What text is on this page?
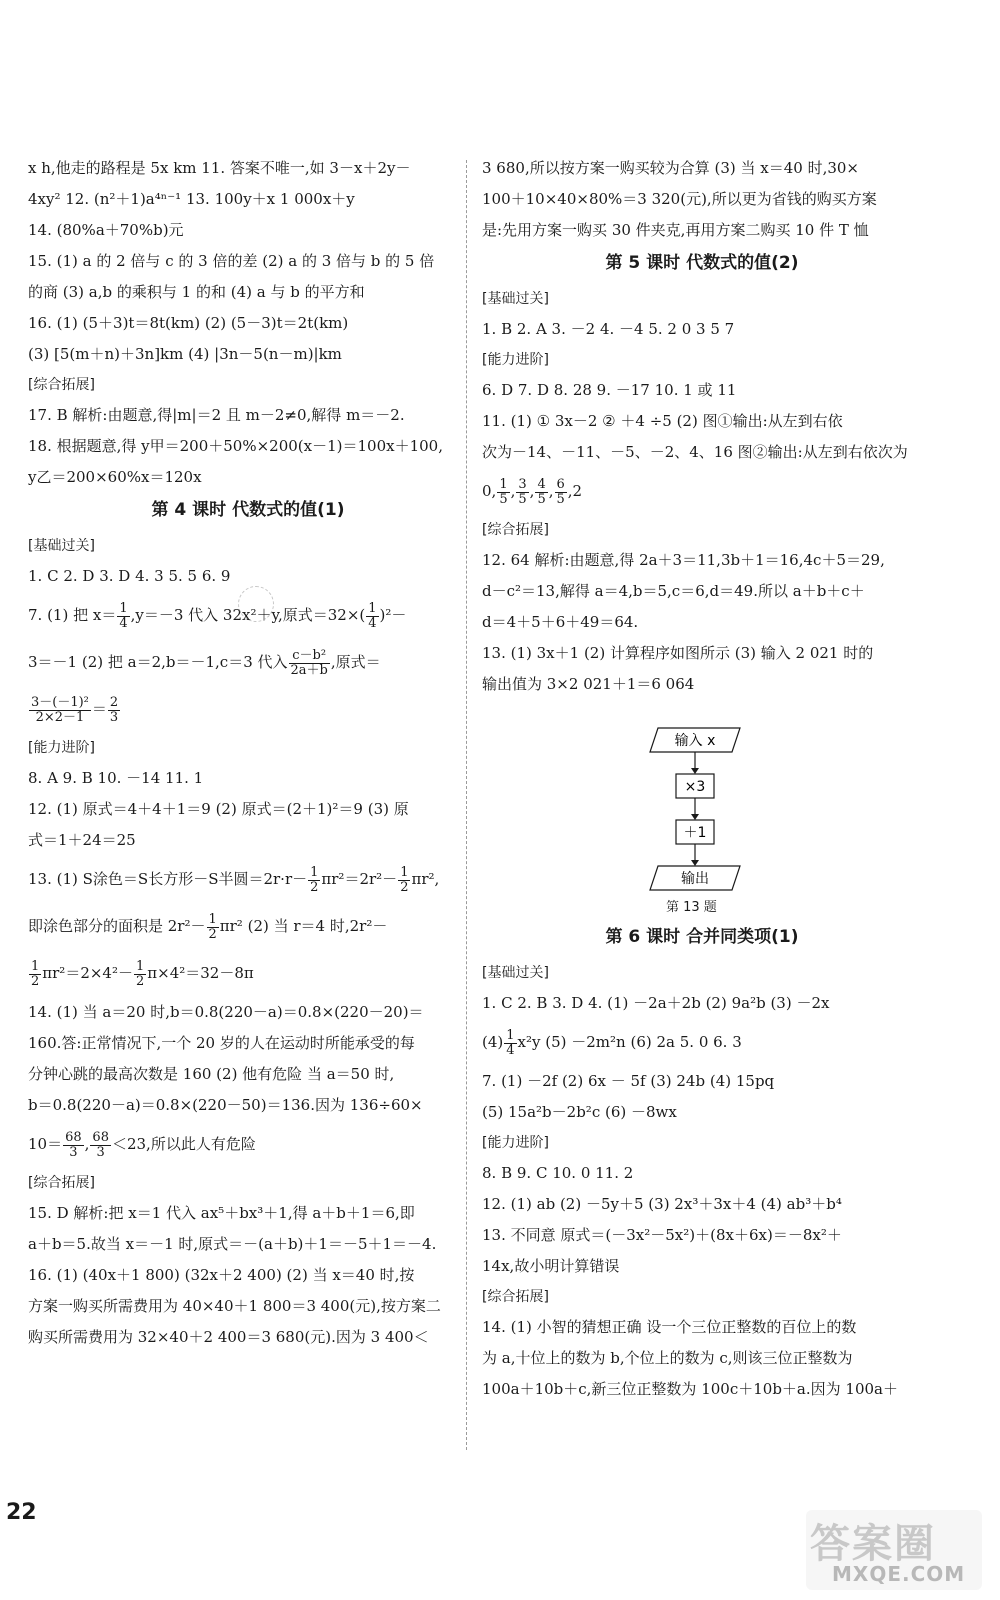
x h,他走的路程是 5x km 11. 答案不唯一,如 3－x＋2y－
4xy² 12. (n²＋1)a⁴ⁿ⁻¹ 13. 100y＋x 1 000x＋y
14. (80%a＋70%b)元
15. (1) a 的 2 倍与 c 的 3 倍的差 (2) a 的 3 倍与 b 的 5 倍
的商 (3) a,b 的乘积与 1 的和 (4) a 与 b 的平方和
16. (1) (5＋3)t＝8t(km) (2) (5－3)t＝2t(km)
(3) [5(m＋n)＋3n]km (4) |3n－5(n－m)|km
[综合拓展]
17. B 解析:由题意,得|m|＝2 且 m－2≠0,解得 m＝－2.
18. 根据题意,得 y甲＝200＋50%×200(x－1)＝100x＋100,
y乙＝200×60%x＝120x
第 4 课时 代数式的值(1)
[基础过关]
1. C 2. D 3. D 4. 3 5. 5 6. 9
7. (1) 把 $x= \frac{1}{4} ,y=-3$ 代入 32x²＋y,原式$=32\times( \frac{1}{4} )^2-$
3＝－1 (2) 把 a＝2,b＝－1,c＝3 代入 $\frac{\text{c－b²}}{2a+b}$ ,原式＝
$\frac{\text{3－(－1)²}}{2\times 2-1} = \frac{2}{3}$
[能力进阶]
8. A 9. B 10. －14 11. 1
12. (1) 原式＝4＋4＋1＝9 (2) 原式＝(2＋1)²＝9 (3) 原
式＝1＋24＝25
13. (1) S涂色＝S长方形－S半圆$=2r\cdot r- \frac{1}{2} \pi r^2=2r^2- \frac{1}{2} \pi r^2$,
即涂色部分的面积是 $2r^2- \frac{1}{2} \pi r^2$ (2) 当 r＝4 时,2r²－
$\frac{1}{2} \pi r^2=2\times 4^2- \frac{1}{2} \pi\times 4^2=32-8\pi$
14. (1) 当 a＝20 时,b＝0.8(220－a)＝0.8×(220－20)＝
160.答:正常情况下,一个 20 岁的人在运动时所能承受的每
分钟心跳的最高次数是 160 (2) 他有危险 当 a＝50 时,
b＝0.8(220－a)＝0.8×(220－50)＝136.因为 136÷60×
$10= \frac{68}{3}$ , $\frac{68}{3} <23$,所以此人有危险
[综合拓展]
15. D 解析:把 x＝1 代入 ax⁵＋bx³＋1,得 a＋b＋1＝6,即
a＋b＝5.故当 x＝－1 时,原式＝－(a＋b)＋1＝－5＋1＝－4.
16. (1) (40x＋1 800) (32x＋2 400) (2) 当 x＝40 时,按
方案一购买所需费用为 40×40＋1 800＝3 400(元),按方案二
购买所需费用为 32×40＋2 400＝3 680(元).因为 3 400＜
3 680,所以按方案一购买较为合算 (3) 当 x＝40 时,30×
100＋10×40×80%＝3 320(元),所以更为省钱的购买方案
是:先用方案一购买 30 件夹克,再用方案二购买 10 件 T 恤
第 5 课时 代数式的值(2)
[基础过关]
1. B 2. A 3. －2 4. －4 5. 2 0 3 5 7
[能力进阶]
6. D 7. D 8. 28 9. －17 10. 1 或 11
11. (1) ① 3x－2 ② ＋4 ÷5 (2) 图①输出:从左到右依
次为－14、－11、－5、－2、4、16 图②输出:从左到右依次为
0, $\frac{1}{5}$ , $\frac{3}{5}$ , $\frac{4}{5}$ , $\frac{6}{5} ,2$
[综合拓展]
12. 64 解析:由题意,得 2a＋3＝11,3b＋1＝16,4c＋5＝29,
d－c²＝13,解得 a＝4,b＝5,c＝6,d＝49.所以 a＋b＋c＋
d＝4＋5＋6＋49＝64.
13. (1) 3x＋1 (2) 计算程序如图所示 (3) 输入 2 021 时的
输出值为 3×2 021＋1＝6 064
第 6 课时 合并同类项(1)
[基础过关]
1. C 2. B 3. D 4. (1) －2a＋2b (2) 9a²b (3) －2x
$(4) \frac{1}{4} x^2y$ (5) －2m²n (6) 2a 5. 0 6. 3
7. (1) －2f (2) 6x － 5f (3) 24b (4) 15pq
(5) 15a²b－2b²c (6) －8wx
[能力进阶]
8. B 9. C 10. 0 11. 2
12. (1) ab (2) －5y＋5 (3) 2x³＋3x＋4 (4) ab³＋b⁴
13. 不同意 原式＝(－3x²－5x²)＋(8x＋6x)＝－8x²＋
14x,故小明计算错误
[综合拓展]
14. (1) 小智的猜想正确 设一个三位正整数的百位上的数
为 a,十位上的数为 b,个位上的数为 c,则该三位正整数为
100a＋10b＋c,新三位正整数为 100c＋10b＋a.因为 100a＋
输入 x
×3
＋1
输出
第 13 题
22
答案圈
MXQE.COM
